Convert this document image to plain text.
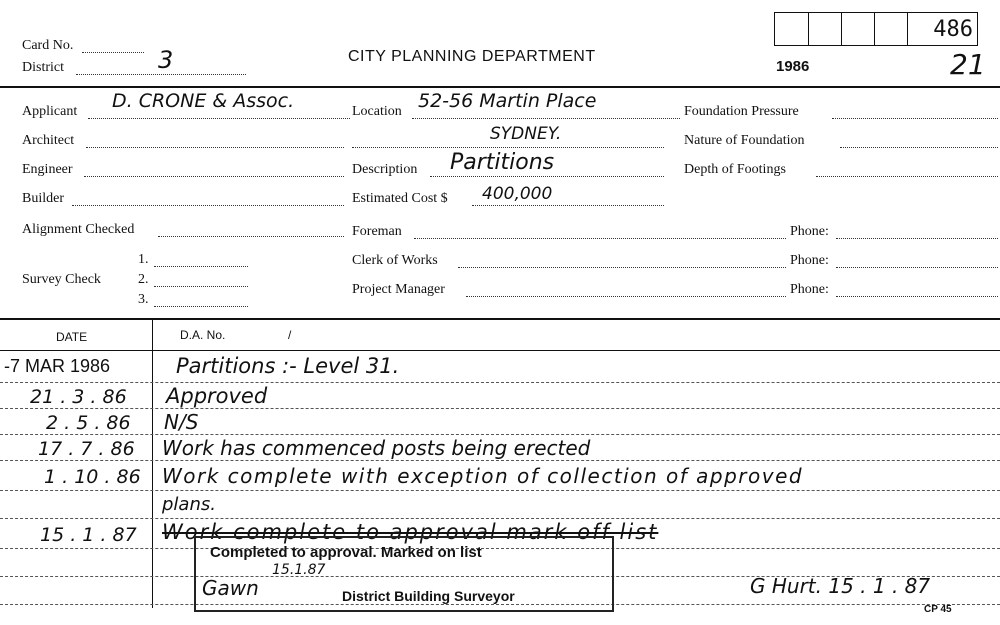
Card No.
District	3	CITY PLANNING DEPARTMENT
1986
486
21
Applicant D. CRONE & Assoc.
Architect
Engineer
Builder
Alignment Checked
Survey Check
1.
2.
3.
Location 52-56 Martin Place
SYDNEY.
Description Partitions
Estimated Cost $ 400,000
Foreman	Phone:
Clerk of Works	Phone:
Project Manager	Phone:
Foundation Pressure
Nature of Foundation
Depth of Footings
DATE	D.A. No.	/
-7 MAR 1986	Partitions :- Level 31.
21 . 3 . 86 Approved
2 . 5 . 86 N/S
17 . 7 . 86 Work has commenced posts being erected
1 . 10 . 86 Work complete with exception of collection of approved
plans.
15 . 1 . 87 Work complete to approval mark off list
Completed to approval. Marked on list
15.1.87
Gawn	District Building Surveyor	G Hurt. 15 . 1 . 87
CP 45
